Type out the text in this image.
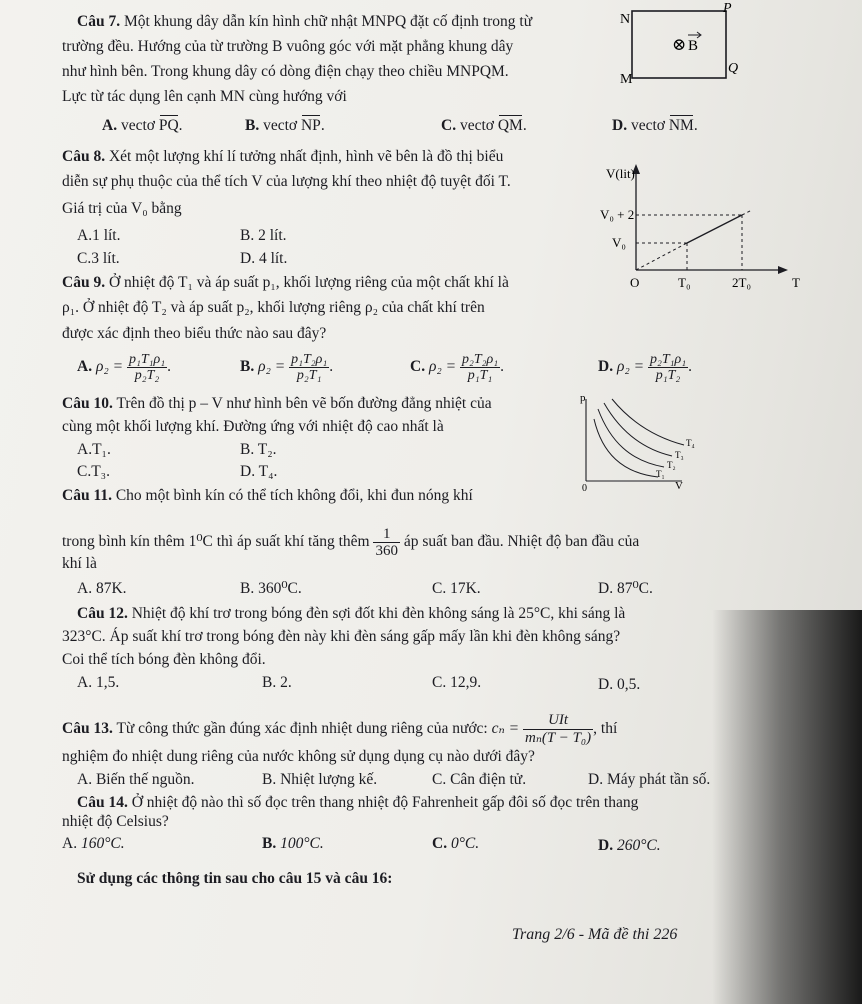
Câu 7. Một khung dây dẫn kín hình chữ nhật MNPQ đặt cố định trong từ
trường đều. Hướng của từ trường B vuông góc với mặt phẳng khung dây
như hình bên. Trong khung dây có dòng điện chạy theo chiều MNPQM.
Lực từ tác dụng lên cạnh MN cùng hướng với
A. vectơ PQ.	B. vectơ NP.	C. vectơ QM.	D. vectơ NM.
N
P
M
Q
⊗ B
Câu 8. Xét một lượng khí lí tưởng nhất định, hình vẽ bên là đồ thị biểu
diễn sự phụ thuộc của thể tích V của lượng khí theo nhiệt độ tuyệt đối T.
Giá trị của V₀ bằng
A.1 lít.	B. 2 lít.
C.3 lít.	D. 4 lít.
V(lit)
V₀ + 2
V₀
O	T₀	2T₀	T
Câu 9. Ở nhiệt độ T₁ và áp suất p₁, khối lượng riêng của một chất khí là
ρ₁. Ở nhiệt độ T₂ và áp suất p₂, khối lượng riêng ρ₂ của chất khí trên
được xác định theo biểu thức nào sau đây?
A. $\rho_2 = \frac{\text{p₁T₁ρ₁}}{\text{p₂T₂}}$ .	B. $\rho_2 = \frac{\text{p₁T₂ρ₁}}{\text{p₂T₁}}$ .	C. $\rho_2 = \frac{\text{p₂T₂ρ₁}}{\text{p₁T₁}}$ .	D. $\rho_2 = \frac{\text{p₂T₁ρ₁}}{\text{p₁T₂}}$ .
Câu 10. Trên đồ thị p – V như hình bên vẽ bốn đường đẳng nhiệt của
cùng một khối lượng khí. Đường ứng với nhiệt độ cao nhất là
A.T₁.	B. T₂.
C.T₃.	D. T₄.
p
0	V
T₁
T₂
T₃
T₄
Câu 11. Cho một bình kín có thể tích không đổi, khi đun nóng khí
trong bình kín thêm 1⁰C thì áp suất khí tăng thêm $\frac{1}{360}$ áp suất ban đầu. Nhiệt độ ban đầu của
khí là
A. 87K.	B. 360⁰C.	C. 17K.	D. 87⁰C.
Câu 12. Nhiệt độ khí trơ trong bóng đèn sợi đốt khi đèn không sáng là 25°C, khi sáng là
323°C. Áp suất khí trơ trong bóng đèn này khi đèn sáng gấp mấy lần khi đèn không sáng?
Coi thể tích bóng đèn không đổi.
A. 1,5.	B. 2.	C. 12,9.	D. 0,5.
Câu 13. Từ công thức gần đúng xác định nhiệt dung riêng của nước: $c_n = \frac{\text{UIt}}{\text{mₙ(T − T₀)}}$ , thí
nghiệm đo nhiệt dung riêng của nước không sử dụng dụng cụ nào dưới đây?
A. Biến thế nguồn.	B. Nhiệt lượng kế.	C. Cân điện tử.	D. Máy phát tần số.
Câu 14. Ở nhiệt độ nào thì số đọc trên thang nhiệt độ Fahrenheit gấp đôi số đọc trên thang
nhiệt độ Celsius?
A. 160°C.	B. 100°C.	C. 0°C.	D. 260°C.
Sử dụng các thông tin sau cho câu 15 và câu 16:
Trang 2/6 - Mã đề thi 226
